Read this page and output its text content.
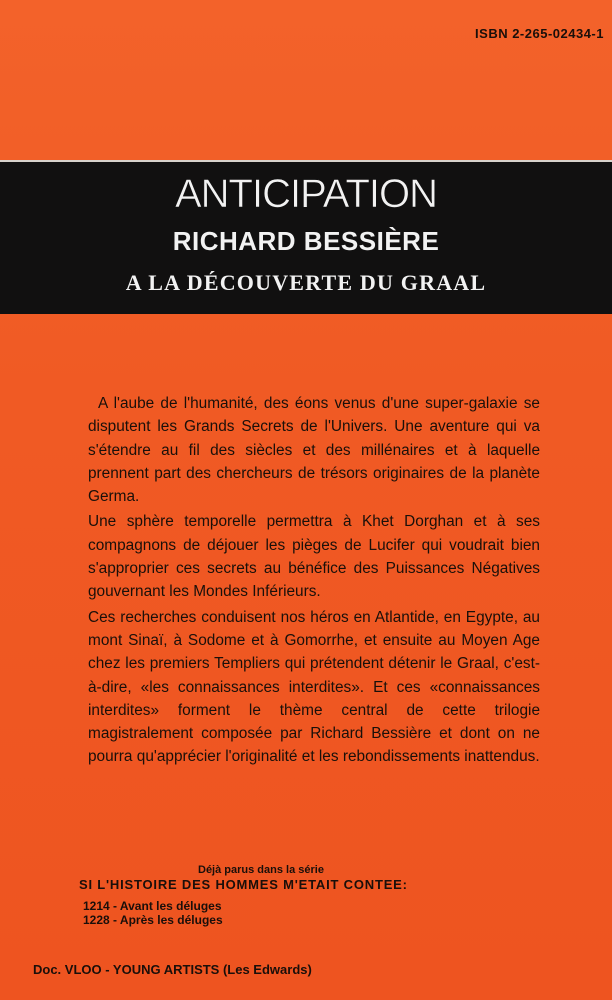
ISBN 2-265-02434-1
ANTICIPATION
RICHARD BESSIÈRE
A LA DÉCOUVERTE DU GRAAL

A l'aube de l'humanité, des éons venus d'une super-galaxie se disputent les Grands Secrets de l'Univers. Une aventure qui va s'étendre au fil des siècles et des millénaires et à laquelle prennent part des chercheurs de trésors originaires de la planète Germa.

Une sphère temporelle permettra à Khet Dorghan et à ses compagnons de déjouer les pièges de Lucifer qui voudrait bien s'approprier ces secrets au bénéfice des Puissances Négatives gouvernant les Mondes Inférieurs.

Ces recherches conduisent nos héros en Atlantide, en Egypte, au mont Sinaï, à Sodome et à Gomorrhe, et ensuite au Moyen Age chez les premiers Templiers qui prétendent détenir le Graal, c'est-à-dire, «les connaissances interdites». Et ces «connaissances interdites» forment le thème central de cette trilogie magistralement composée par Richard Bessière et dont on ne pourra qu'apprécier l'originalité et les rebondissements inattendus.

Déjà parus dans la série
SI L'HISTOIRE DES HOMMES M'ETAIT CONTEE:
1214 - Avant les déluges
1228 - Après les déluges
Doc. VLOO - YOUNG ARTISTS (Les Edwards)
